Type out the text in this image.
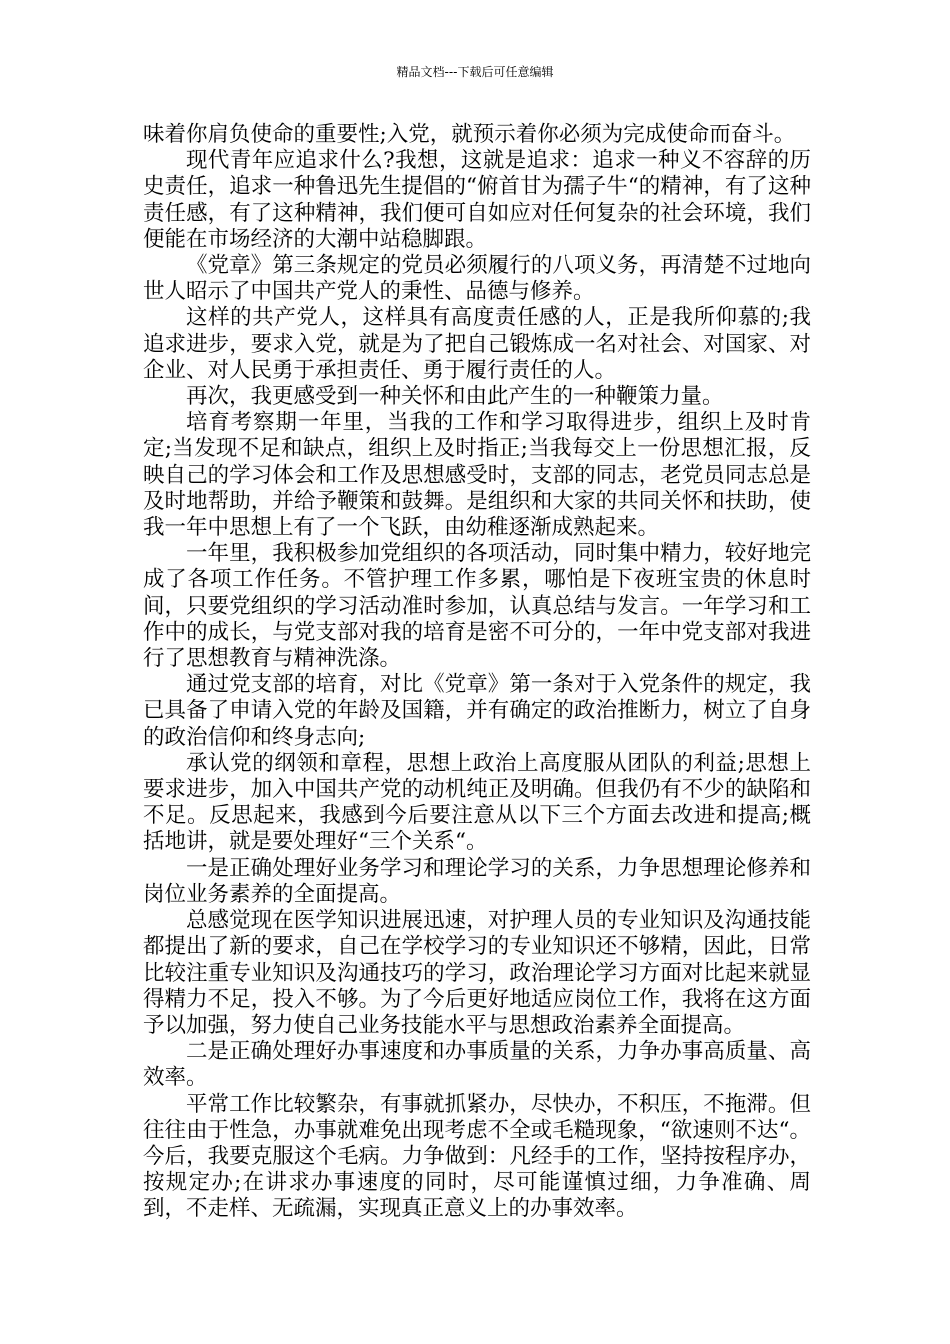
精品文档---下载后可任意编辑

味着你肩负使命的重要性;入党，就预示着你必须为完成使命而奋斗。

现代青年应追求什么?我想，这就是追求：追求一种义不容辞的历史责任，追求一种鲁迅先生提倡的“俯首甘为孺子牛“的精神，有了这种责任感，有了这种精神，我们便可自如应对任何复杂的社会环境，我们便能在市场经济的大潮中站稳脚跟。

《党章》第三条规定的党员必须履行的八项义务，再清楚不过地向世人昭示了中国共产党人的秉性、品德与修养。

这样的共产党人，这样具有高度责任感的人，正是我所仰慕的;我追求进步，要求入党，就是为了把自己锻炼成一名对社会、对国家、对企业、对人民勇于承担责任、勇于履行责任的人。

再次，我更感受到一种关怀和由此产生的一种鞭策力量。

培育考察期一年里，当我的工作和学习取得进步，组织上及时肯定;当发现不足和缺点，组织上及时指正;当我每交上一份思想汇报，反映自己的学习体会和工作及思想感受时，支部的同志，老党员同志总是及时地帮助，并给予鞭策和鼓舞。是组织和大家的共同关怀和扶助，使我一年中思想上有了一个飞跃，由幼稚逐渐成熟起来。

一年里，我积极参加党组织的各项活动，同时集中精力，较好地完成了各项工作任务。不管护理工作多累，哪怕是下夜班宝贵的休息时间，只要党组织的学习活动准时参加，认真总结与发言。一年学习和工作中的成长，与党支部对我的培育是密不可分的，一年中党支部对我进行了思想教育与精神洗涤。

通过党支部的培育，对比《党章》第一条对于入党条件的规定，我已具备了申请入党的年龄及国籍，并有确定的政治推断力，树立了自身的政治信仰和终身志向;

承认党的纲领和章程，思想上政治上高度服从团队的利益;思想上要求进步，加入中国共产党的动机纯正及明确。但我仍有不少的缺陷和不足。反思起来，我感到今后要注意从以下三个方面去改进和提高;概括地讲，就是要处理好“三个关系“。

一是正确处理好业务学习和理论学习的关系，力争思想理论修养和岗位业务素养的全面提高。

总感觉现在医学知识进展迅速，对护理人员的专业知识及沟通技能都提出了新的要求，自己在学校学习的专业知识还不够精，因此，日常比较注重专业知识及沟通技巧的学习，政治理论学习方面对比起来就显得精力不足，投入不够。为了今后更好地适应岗位工作，我将在这方面予以加强，努力使自己业务技能水平与思想政治素养全面提高。

二是正确处理好办事速度和办事质量的关系，力争办事高质量、高效率。

平常工作比较繁杂，有事就抓紧办，尽快办，不积压，不拖滞。但往往由于性急，办事就难免出现考虑不全或毛糙现象，“欲速则不达“。今后，我要克服这个毛病。力争做到：凡经手的工作，坚持按程序办，按规定办;在讲求办事速度的同时，尽可能谨慎过细，力争准确、周到，不走样、无疏漏，实现真正意义上的办事效率。
